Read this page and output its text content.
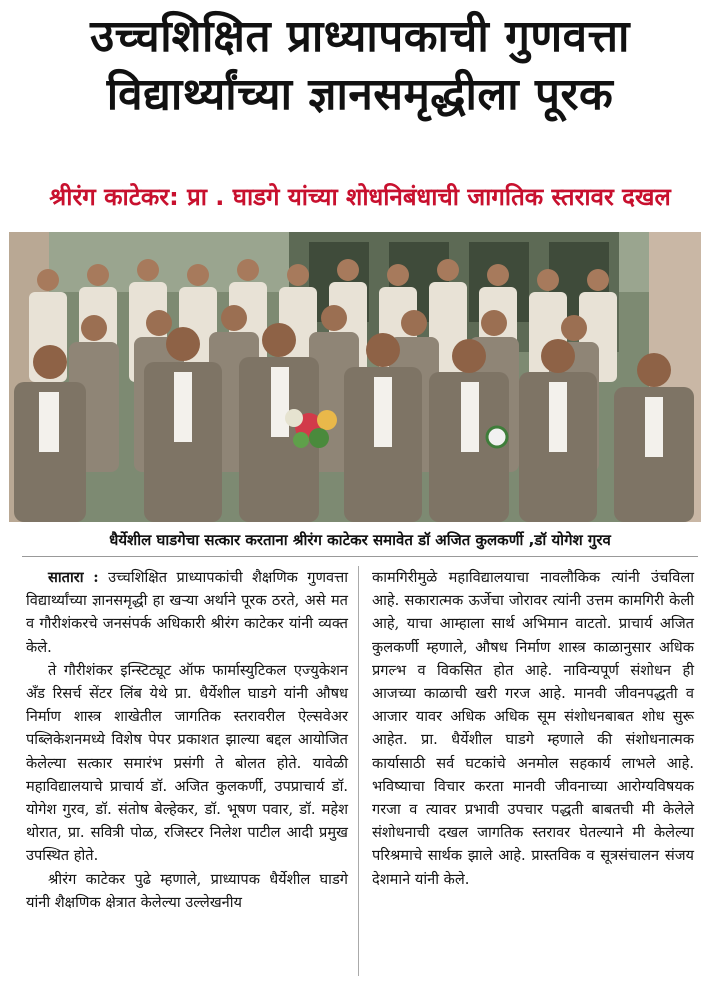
उच्चशिक्षित प्राध्यापकाची गुणवत्ता
विद्यार्थ्यांच्या ज्ञानसमृद्धीला पूरक
श्रीरंग काटेकर: प्रा . घाडगे यांच्या शोधनिबंधाची जागतिक स्तरावर दखल
धैर्येशील घाडगेचा सत्कार करताना श्रीरंग काटेकर समावेत डॉ अजित कुलकर्णी ,डॉ योगेश गुरव

सातारा : उच्चशिक्षित प्राध्यापकांची शैक्षणिक गुणवत्ता विद्यार्थ्यांच्या ज्ञानसमृद्धी हा खऱ्या अर्थाने पूरक ठरते, असे मत व गौरीशंकरचे जनसंपर्क अधिकारी श्रीरंग काटेकर यांनी व्यक्त केले.

ते गौरीशंकर इन्स्टिट्यूट ऑफ फार्मास्युटिकल एज्युकेशन अँड रिसर्च सेंटर लिंब येथे प्रा. धैर्येशील घाडगे यांनी औषध निर्माण शास्त्र शाखेतील जागतिक स्तरावरील ऐल्सवेअर पब्लिकेशनमध्ये विशेष पेपर प्रकाशत झाल्या बद्दल आयोजित केलेल्या सत्कार समारंभ प्रसंगी ते बोलत होते. यावेळी महाविद्यालयाचे प्राचार्य डॉ. अजित कुलकर्णी, उपप्राचार्य डॉ. योगेश गुरव, डॉ. संतोष बेल्हेकर, डॉ. भूषण पवार, डॉ. महेश थोरात, प्रा. सवित्री पोळ, रजिस्टर निलेश पाटील आदी प्रमुख उपस्थित होते.

श्रीरंग काटेकर पुढे म्हणाले, प्राध्यापक धैर्येशील घाडगे यांनी शैक्षणिक क्षेत्रात केलेल्या उल्लेखनीय

कामगिरीमुळे महाविद्यालयाचा नावलौकिक त्यांनी उंचविला आहे. सकारात्मक ऊर्जेचा जोरावर त्यांनी उत्तम कामगिरी केली आहे, याचा आम्हाला सार्थ अभिमान वाटतो. प्राचार्य अजित कुलकर्णी म्हणाले, औषध निर्माण शास्त्र काळानुसार अधिक प्रगल्भ व विकसित होत आहे. नाविन्यपूर्ण संशोधन ही आजच्या काळाची खरी गरज आहे. मानवी जीवनपद्धती व आजार यावर अधिक अधिक सूम संशोधनबाबत शोध सुरू आहेत. प्रा. धैर्येशील घाडगे म्हणाले की संशोधनात्मक कार्यासाठी सर्व घटकांचे अनमोल सहकार्य लाभले आहे. भविष्याचा विचार करता मानवी जीवनाच्या आरोग्यविषयक गरजा व त्यावर प्रभावी उपचार पद्धती बाबतची मी केलेले संशोधनाची दखल जागतिक स्तरावर घेतल्याने मी केलेल्या परिश्रमाचे सार्थक झाले आहे. प्रास्तविक व सूत्रसंचालन संजय देशमाने यांनी केले.
